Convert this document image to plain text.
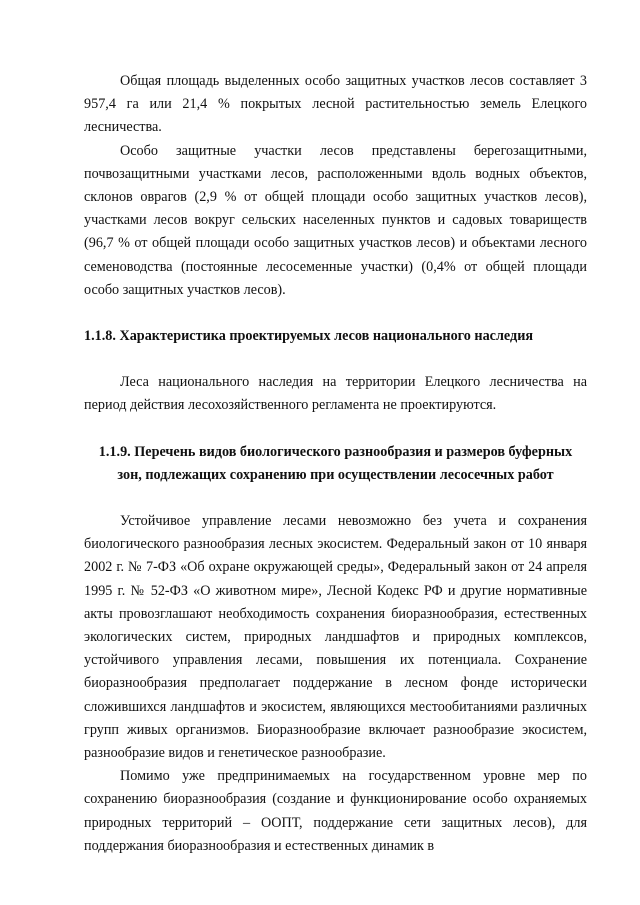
Общая площадь выделенных особо защитных участков лесов составляет 3 957,4 га или 21,4 % покрытых лесной растительностью земель Елецкого лесничества.

Особо защитные участки лесов представлены берегозащитными, почвозащитными участками лесов, расположенными вдоль водных объектов, склонов оврагов (2,9 % от общей площади особо защитных участков лесов), участками лесов вокруг сельских населенных пунктов и садовых товариществ (96,7 % от общей площади особо защитных участков лесов) и объектами лесного семеноводства (постоянные лесосеменные участки) (0,4% от общей площади особо защитных участков лесов).

1.1.8. Характеристика проектируемых лесов национального наследия

Леса национального наследия на территории Елецкого лесничества на период действия лесохозяйственного регламента не проектируются.

1.1.9. Перечень видов биологического разнообразия и размеров буферных зон, подлежащих сохранению при осуществлении лесосечных работ

Устойчивое управление лесами невозможно без учета и сохранения биологического разнообразия лесных экосистем. Федеральный закон от 10 января 2002 г. № 7-ФЗ «Об охране окружающей среды», Федеральный закон от 24 апреля 1995 г. № 52-ФЗ «О животном мире», Лесной Кодекс РФ и другие нормативные акты провозглашают необходимость сохранения биоразнообразия, естественных экологических систем, природных ландшафтов и природных комплексов, устойчивого управления лесами, повышения их потенциала. Сохранение биоразнообразия предполагает поддержание в лесном фонде исторически сложившихся ландшафтов и экосистем, являющихся местообитаниями различных групп живых организмов. Биоразнообразие включает разнообразие экосистем, разнообразие видов и генетическое разнообразие.

Помимо уже предпринимаемых на государственном уровне мер по сохранению биоразнообразия (создание и функционирование особо охраняемых природных территорий – ООПТ, поддержание сети защитных лесов), для поддержания биоразнообразия и естественных динамик в
